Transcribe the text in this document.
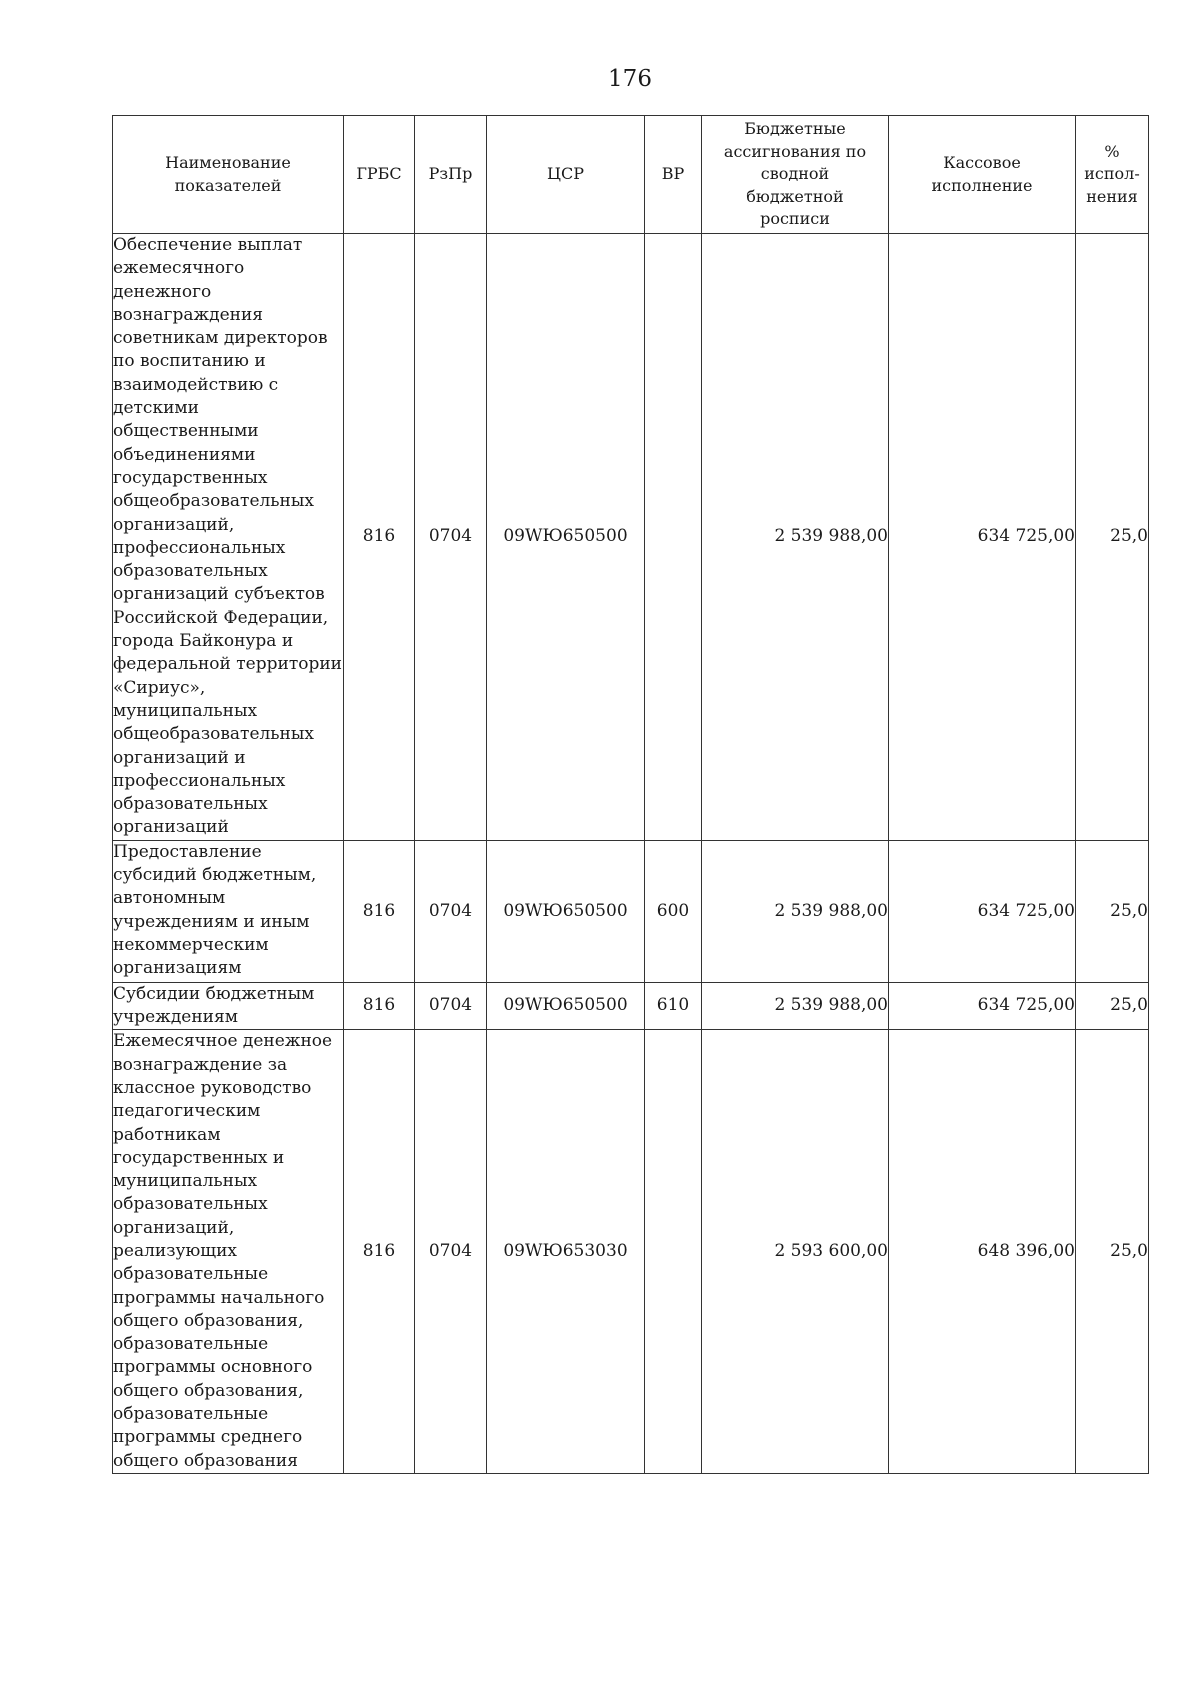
176
Наименование показателей	ГРБС	РзПр	ЦСР	ВР	Бюджетные ассигнования по сводной бюджетной росписи	Кассовое исполнение	% испол-нения

Обеспечение выплат ежемесячного денежного вознаграждения советникам директоров по воспитанию и взаимодействию с детскими общественными объединениями государственных общеобразовательных организаций, профессиональных образовательных организаций субъектов Российской Федерации, города Байконура и федеральной территории «Сириус», муниципальных общеобразовательных организаций и профессиональных образовательных организаций	816	0704	09WЮ650500		2 539 988,00	634 725,00	25,0
Предоставление субсидий бюджетным, автономным учреждениям и иным некоммерческим организациям	816	0704	09WЮ650500	600	2 539 988,00	634 725,00	25,0
Субсидии бюджетным учреждениям	816	0704	09WЮ650500	610	2 539 988,00	634 725,00	25,0
Ежемесячное денежное вознаграждение за классное руководство педагогическим работникам государственных и муниципальных образовательных организаций, реализующих образовательные программы начального общего образования, образовательные программы основного общего образования, образовательные программы среднего общего образования	816	0704	09WЮ653030		2 593 600,00	648 396,00	25,0
